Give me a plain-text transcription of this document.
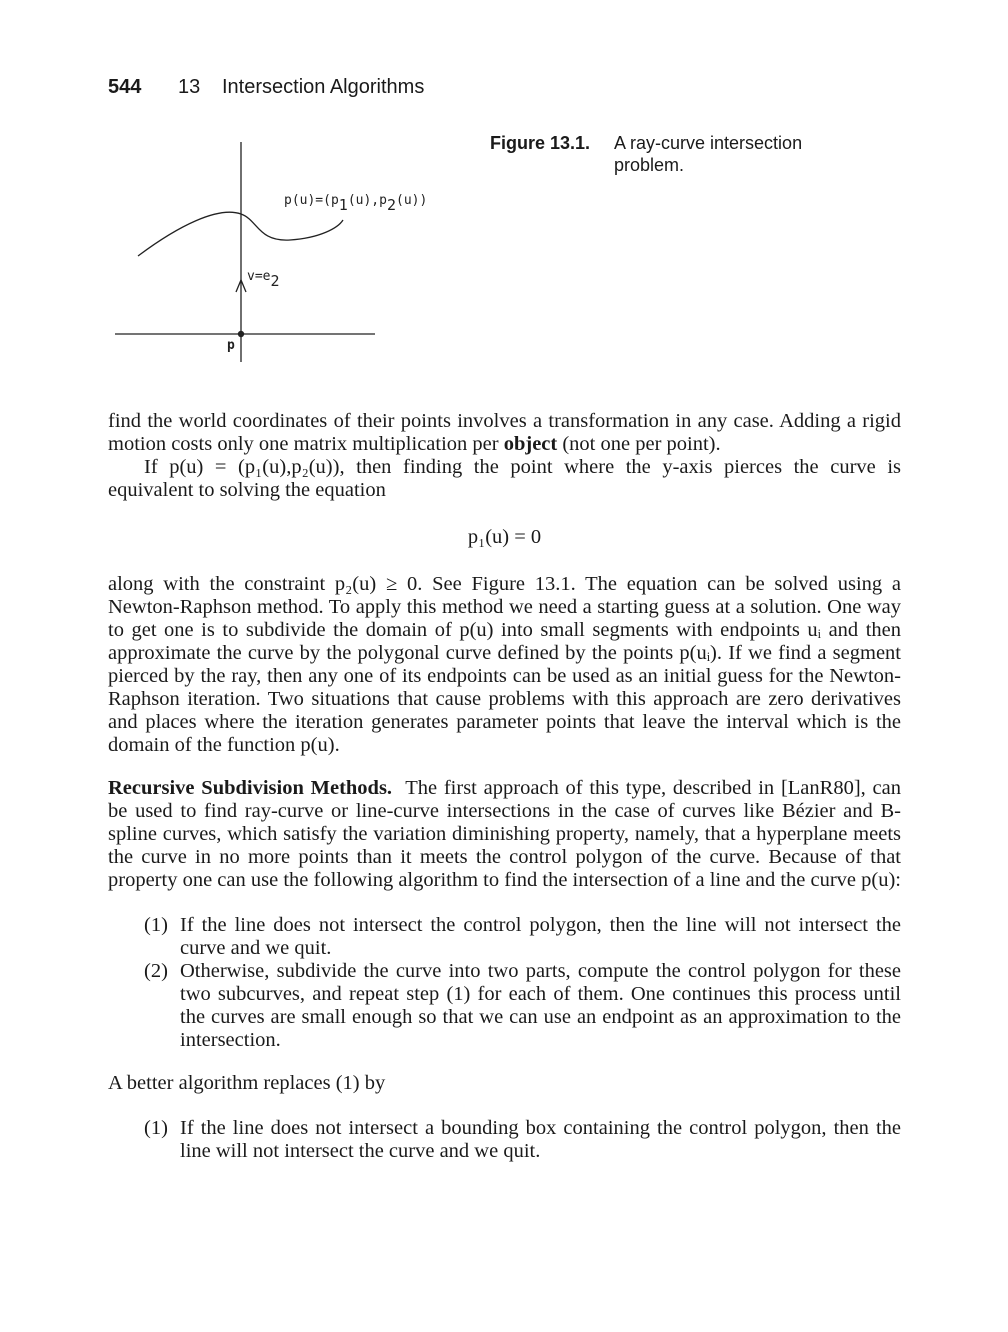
544 13 Intersection Algorithms
p(u)=(p1(u),p2(u))
v=e2
p
Figure 13.1. A ray-curve intersection problem.

find the world coordinates of their points involves a transformation in any case. Adding a rigid motion costs only one matrix multiplication per object (not one per point).

If p(u) = (p₁(u),p₂(u)), then finding the point where the y-axis pierces the curve is equivalent to solving the equation

p₁(u) = 0

along with the constraint p₂(u) ≥ 0. See Figure 13.1. The equation can be solved using a Newton-Raphson method. To apply this method we need a starting guess at a solution. One way to get one is to subdivide the domain of p(u) into small segments with endpoints uᵢ and then approximate the curve by the polygonal curve defined by the points p(uᵢ). If we find a segment pierced by the ray, then any one of its endpoints can be used as an initial guess for the Newton-Raphson iteration. Two situations that cause problems with this approach are zero derivatives and places where the iteration generates parameter points that leave the interval which is the domain of the function p(u).

Recursive Subdivision Methods. The first approach of this type, described in [LanR80], can be used to find ray-curve or line-curve intersections in the case of curves like Bézier and B-spline curves, which satisfy the variation diminishing property, namely, that a hyperplane meets the curve in no more points than it meets the control polygon of the curve. Because of that property one can use the following algorithm to find the intersection of a line and the curve p(u):

(1) If the line does not intersect the control polygon, then the line will not intersect the curve and we quit.
(2) Otherwise, subdivide the curve into two parts, compute the control polygon for these two subcurves, and repeat step (1) for each of them. One continues this process until the curves are small enough so that we can use an endpoint as an approximation to the intersection.

A better algorithm replaces (1) by

(1) If the line does not intersect a bounding box containing the control polygon, then the line will not intersect the curve and we quit.
